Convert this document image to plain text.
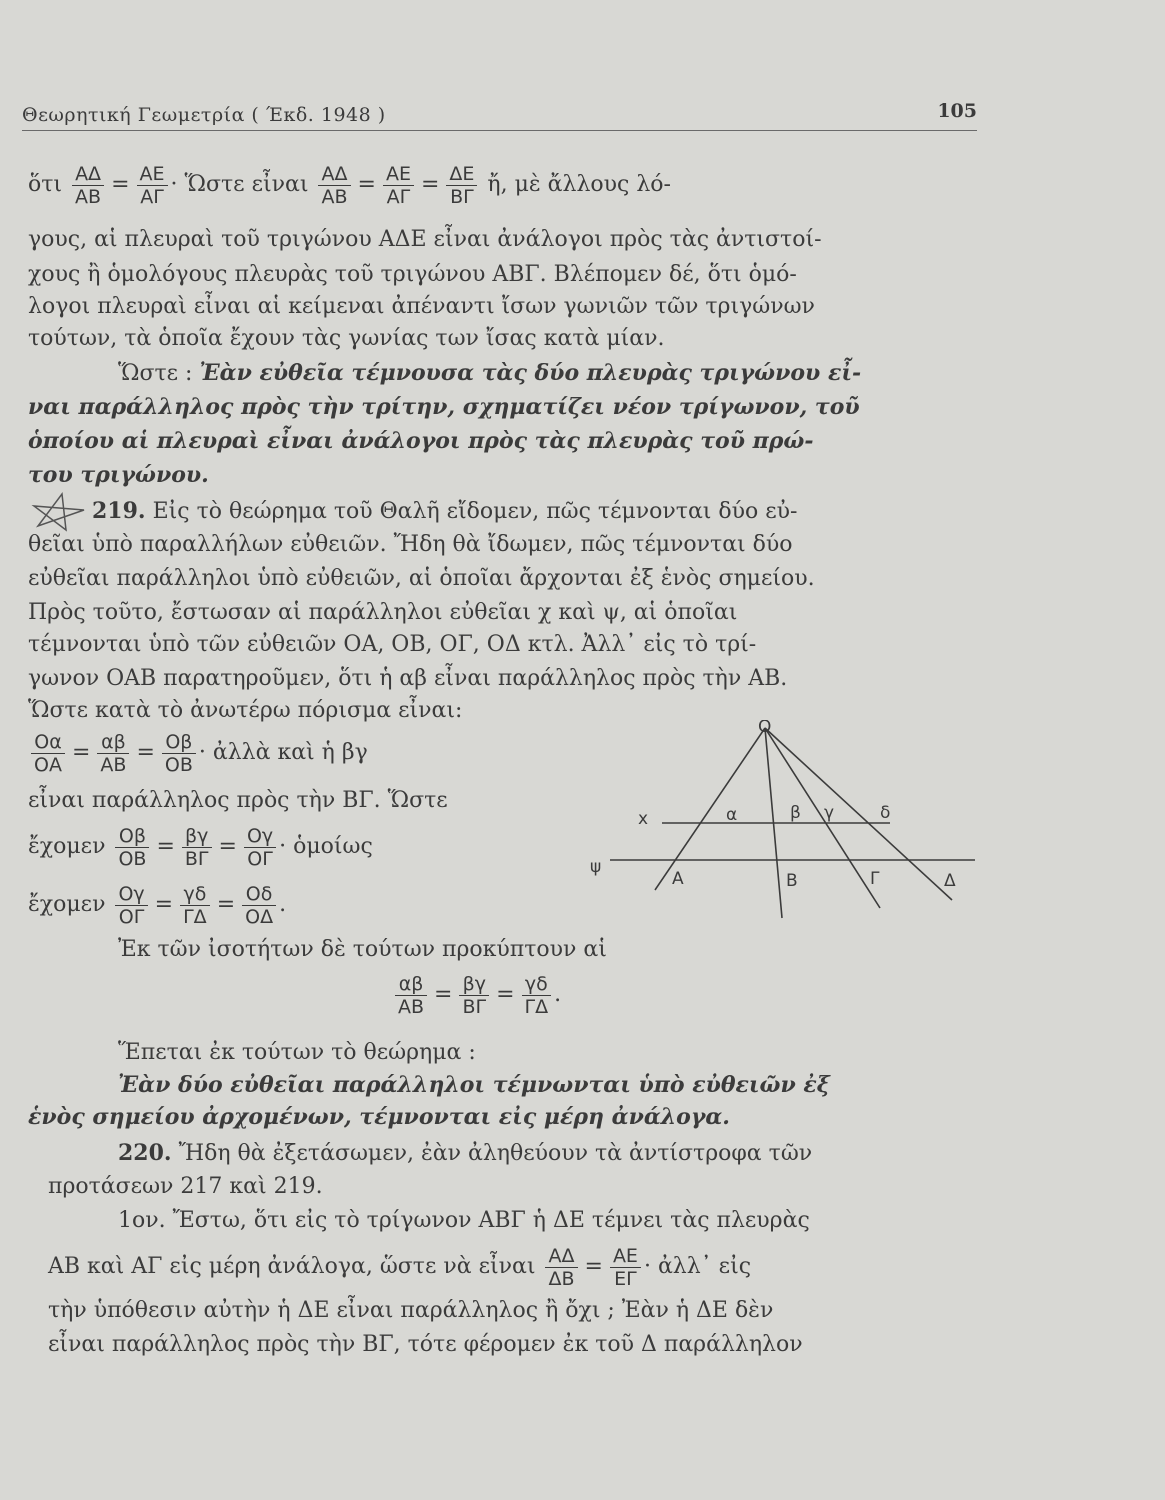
Θεωρητική Γεωμετρία ( Έκδ. 1948 )	105
ὅτι $\frac{A\Delta}{AB} = \frac{AE}{A\Gamma}$ · Ὥστε εἶναι $\frac{A\Delta}{AB} = \frac{AE}{A\Gamma} = \frac{\Delta E}{B\Gamma}$ ἤ, μὲ ἄλλους λό-
γους, αἱ πλευραὶ τοῦ τριγώνου ΑΔΕ εἶναι ἀνάλογοι πρὸς τὰς ἀντιστοί-
χους ἢ ὁμολόγους πλευρὰς τοῦ τριγώνου ΑΒΓ. Βλέπομεν δέ, ὅτι ὁμό-
λογοι πλευραὶ εἶναι αἱ κείμεναι ἀπέναντι ἴσων γωνιῶν τῶν τριγώνων
τούτων, τὰ ὁποῖα ἔχουν τὰς γωνίας των ἴσας κατὰ μίαν.
Ὥστε : Ἐὰν εὐθεῖα τέμνουσα τὰς δύο πλευρὰς τριγώνου εἶ-
ναι παράλληλος πρὸς τὴν τρίτην, σχηματίζει νέον τρίγωνον, τοῦ
ὁποίου αἱ πλευραὶ εἶναι ἀνάλογοι πρὸς τὰς πλευρὰς τοῦ πρώ-
του τριγώνου.
219. Εἰς τὸ θεώρημα τοῦ Θαλῆ εἴδομεν, πῶς τέμνονται δύο εὐ-
θεῖαι ὑπὸ παραλλήλων εὐθειῶν. Ἤδη θὰ ἴδωμεν, πῶς τέμνονται δύο
εὐθεῖαι παράλληλοι ὑπὸ εὐθειῶν, αἱ ὁποῖαι ἄρχονται ἐξ ἑνὸς σημείου.
Πρὸς τοῦτο, ἔστωσαν αἱ παράλληλοι εὐθεῖαι χ καὶ ψ, αἱ ὁποῖαι
τέμνονται ὑπὸ τῶν εὐθειῶν ΟΑ, ΟΒ, ΟΓ, ΟΔ κτλ. Ἀλλ᾿ εἰς τὸ τρί-
γωνον ΟΑΒ παρατηροῦμεν, ὅτι ἡ αβ εἶναι παράλληλος πρὸς τὴν ΑΒ.
Ὥστε κατὰ τὸ ἀνωτέρω πόρισμα εἶναι:
$\frac{O\alpha}{OA} = \frac{\alpha\beta}{AB} = \frac{O\beta}{OB}$ · ἀλλὰ καὶ ἡ βγ
εἶναι παράλληλος πρὸς τὴν ΒΓ. Ὥστε
ἔχομεν $\frac{O\beta}{OB} = \frac{\beta\gamma}{B\Gamma} = \frac{O\gamma}{O\Gamma}$ · ὁμοίως
ἔχομεν $\frac{O\gamma}{O\Gamma} = \frac{\gamma\delta}{\Gamma\Delta} = \frac{O\delta}{O\Delta}$ .
Ἐκ τῶν ἰσοτήτων δὲ τούτων προκύπτουν αἱ
$\frac{\alpha\beta}{AB} = \frac{\beta\gamma}{B\Gamma} = \frac{\gamma\delta}{\Gamma\Delta}$ .
Ἕπεται ἐκ τούτων τὸ θεώρημα :
Ἐὰν δύο εὐθεῖαι παράλληλοι τέμνωνται ὑπὸ εὐθειῶν ἐξ
ἑνὸς σημείου ἀρχομένων, τέμνονται εἰς μέρη ἀνάλογα.
O
x
ψ
α	β γ	δ
A	B	Γ	Δ
220. Ἤδη θὰ ἐξετάσωμεν, ἐὰν ἀληθεύουν τὰ ἀντίστροφα τῶν
προτάσεων 217 καὶ 219.
1ον. Ἔστω, ὅτι εἰς τὸ τρίγωνον ΑΒΓ ἡ ΔΕ τέμνει τὰς πλευρὰς
ΑΒ καὶ ΑΓ εἰς μέρη ἀνάλογα, ὥστε νὰ εἶναι $\frac{A\Delta}{\Delta B} = \frac{AE}{E\Gamma}$ · ἀλλ᾿ εἰς
τὴν ὑπόθεσιν αὐτὴν ἡ ΔΕ εἶναι παράλληλος ἢ ὄχι ; Ἐὰν ἡ ΔΕ δὲν
εἶναι παράλληλος πρὸς τὴν ΒΓ, τότε φέρομεν ἐκ τοῦ Δ παράλληλον
